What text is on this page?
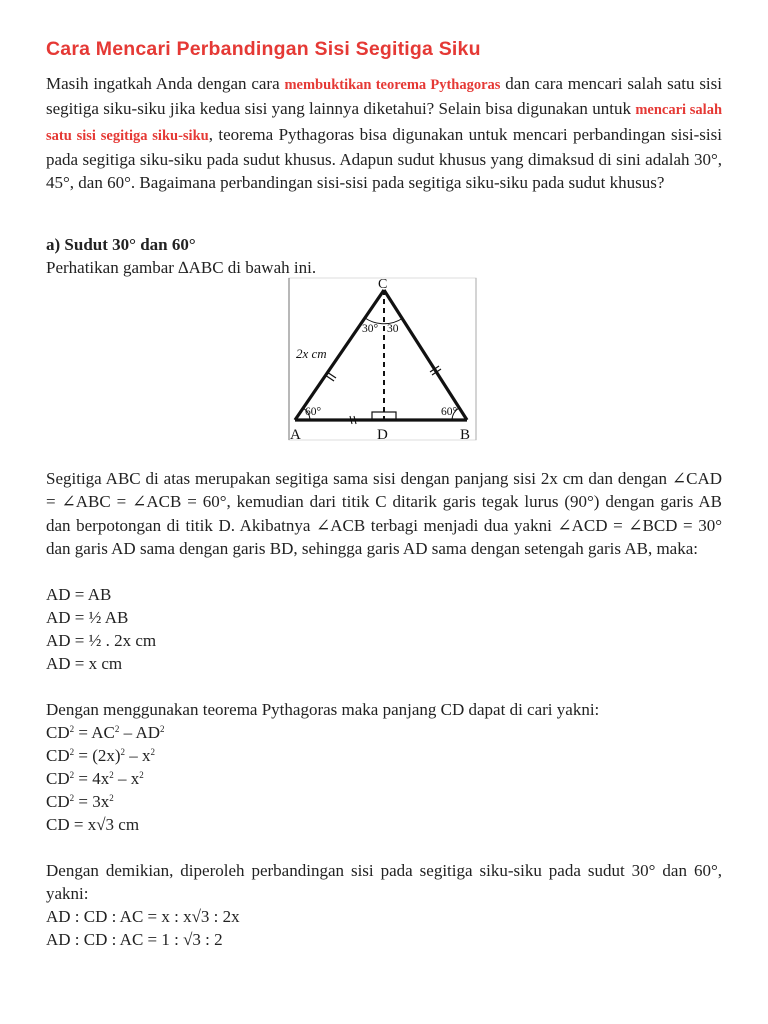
Cara Mencari Perbandingan Sisi Segitiga Siku

Masih ingatkah Anda dengan cara membuktikan teorema Pythagoras dan cara mencari salah satu sisi segitiga siku-siku jika kedua sisi yang lainnya diketahui? Selain bisa digunakan untuk mencari salah satu sisi segitiga siku-siku, teorema Pythagoras bisa digunakan untuk mencari perbandingan sisi-sisi pada segitiga siku-siku pada sudut khusus. Adapun sudut khusus yang dimaksud di sini adalah 30°, 45°, dan 60°. Bagaimana perbandingan sisi-sisi pada segitiga siku-siku pada sudut khusus?

a) Sudut 30° dan 60°

Perhatikan gambar ∆ABC di bawah ini.

C
A	D	B
2x cm
60°	60°
30° 30

Segitiga ABC di atas merupakan segitiga sama sisi dengan panjang sisi 2x cm dan dengan ∠CAD = ∠ABC = ∠ACB = 60°, kemudian dari titik C ditarik garis tegak lurus (90°) dengan garis AB dan berpotongan di titik D. Akibatnya ∠ACB terbagi menjadi dua yakni ∠ACD = ∠BCD = 30° dan garis AD sama dengan garis BD, sehingga garis AD sama dengan setengah garis AB, maka:

AD = AB

AD = ½ AB

AD = ½ . 2x cm

AD = x cm

Dengan menggunakan teorema Pythagoras maka panjang CD dapat di cari yakni:

$CD^2 = AC^2 - AD^2$

$CD^2 = (2x)^2 - x^2$

$CD^2 = 4x^2 - x^2$

$CD^2 = 3x^2$

CD = x√3 cm

Dengan demikian, diperoleh perbandingan sisi pada segitiga siku-siku pada sudut 30° dan 60°, yakni:

AD : CD : AC = x : x√3 : 2x

AD : CD : AC = 1 : √3 : 2
